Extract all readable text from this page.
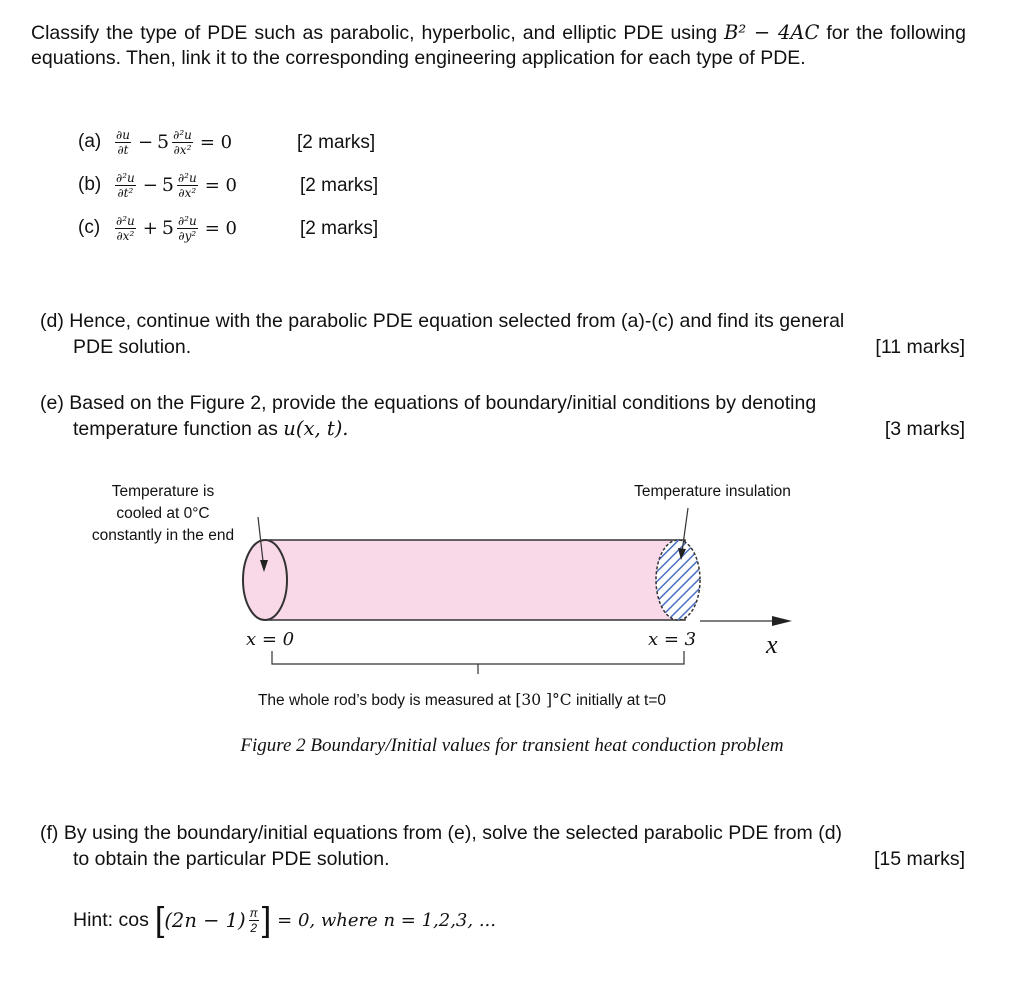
Classify the type of PDE such as parabolic, hyperbolic, and elliptic PDE using B² − 4AC for the following equations. Then, link it to the corresponding engineering application for each type of PDE.
(a)	$\frac{\partial u}{\partial t} - 5 \frac{\text{∂²u}}{\text{∂x²}} = 0$	[2 marks]
(b)	$\frac{\text{∂²u}}{\text{∂t²}} - 5 \frac{\text{∂²u}}{\text{∂x²}} = 0$	[2 marks]
(c)	$\frac{\text{∂²u}}{\text{∂x²}} + 5 \frac{\text{∂²u}}{\text{∂y²}} = 0$	[2 marks]
(d) Hence, continue with the parabolic PDE equation selected from (a)-(c) and find its general
PDE solution.	[11 marks]
(e) Based on the Figure 2, provide the equations of boundary/initial conditions by denoting
temperature function as u(x, t).	[3 marks]
Temperature is
cooled at 0°C
constantly in the end
Temperature insulation
x = 0	x = 3	x
The whole rod’s body is measured at [30 ]°C initially at t=0
Figure 2 Boundary/Initial values for transient heat conduction problem
(f) By using the boundary/initial equations from (e), solve the selected parabolic PDE from (d)
to obtain the particular PDE solution.	[15 marks]
Hint: cos [ $(2n - 1) \frac{\pi}{2}$ ] = 0, where n = 1,2,3, ...
